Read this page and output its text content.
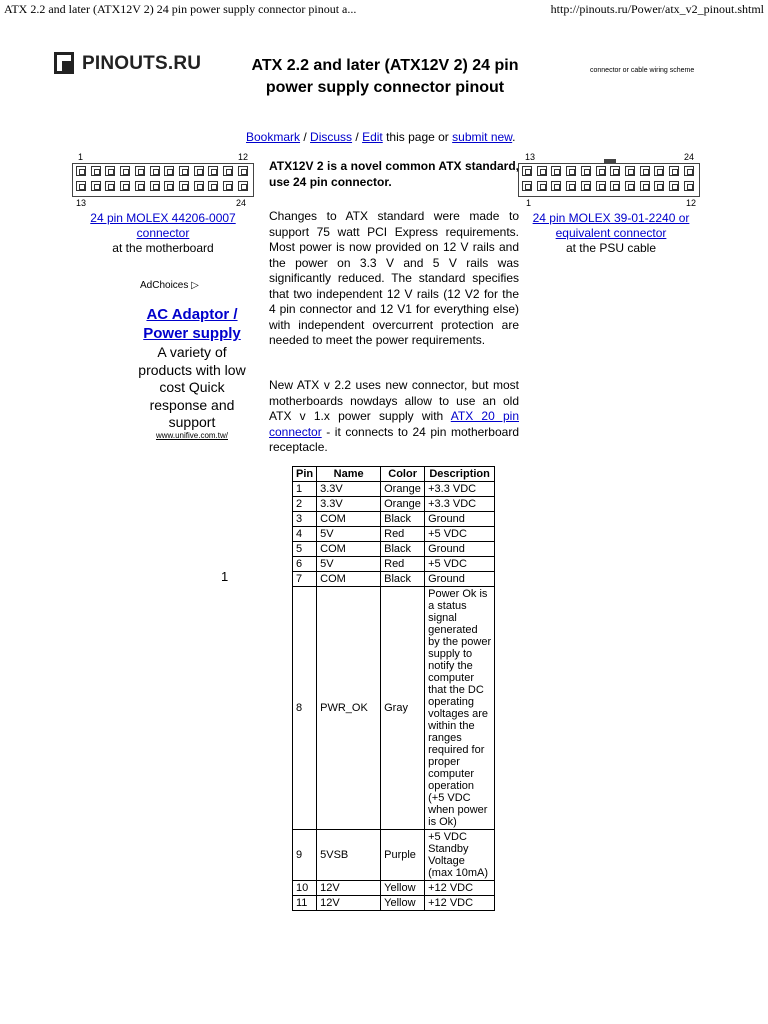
ATX 2.2 and later (ATX12V 2) 24 pin power supply connector pinout a...	http://pinouts.ru/Power/atx_v2_pinout.shtml
PINOUTS.RU	ATX 2.2 and later (ATX12V 2) 24 pin power supply connector pinout
connector or cable wiring scheme
Bookmark / Discuss / Edit this page or submit new.
1	12
13	24
24 pin MOLEX 44206-0007 connector
at the motherboard
13	24
1	12
24 pin MOLEX 39-01-2240 or equivalent connector
at the PSU cable
AdChoices ▷
AC Adaptor / Power supply
A variety of products with low cost Quick response and support
www.unifive.com.tw/
1
ATX12V 2 is a novel common ATX standard, use 24 pin connector.
Changes to ATX standard were made to support 75 watt PCI Express requirements. Most power is now provided on 12 V rails and the power on 3.3 V and 5 V rails was significantly reduced. The standard specifies that two independent 12 V rails (12 V2 for the 4 pin connector and 12 V1 for everything else) with independent overcurrent protection are needed to meet the power requirements.
New ATX v 2.2 uses new connector, but most motherboards nowdays allow to use an old ATX v 1.x power supply with ATX 20 pin connector - it connects to 24 pin motherboard receptacle.
Pin	Name	Color	Description
1	3.3V	Orange	+3.3 VDC
2	3.3V	Orange	+3.3 VDC
3	COM	Black	Ground
4	5V	Red	+5 VDC
5	COM	Black	Ground
6	5V	Red	+5 VDC
7	COM	Black	Ground
8	PWR_OK	Gray	Power Ok is a status signal generated by the power supply to notify the computer that the DC operating voltages are within the ranges required for proper computer operation (+5 VDC when power is Ok)
9	5VSB	Purple	+5 VDC Standby Voltage (max 10mA)
10	12V	Yellow	+12 VDC
11	12V	Yellow	+12 VDC
